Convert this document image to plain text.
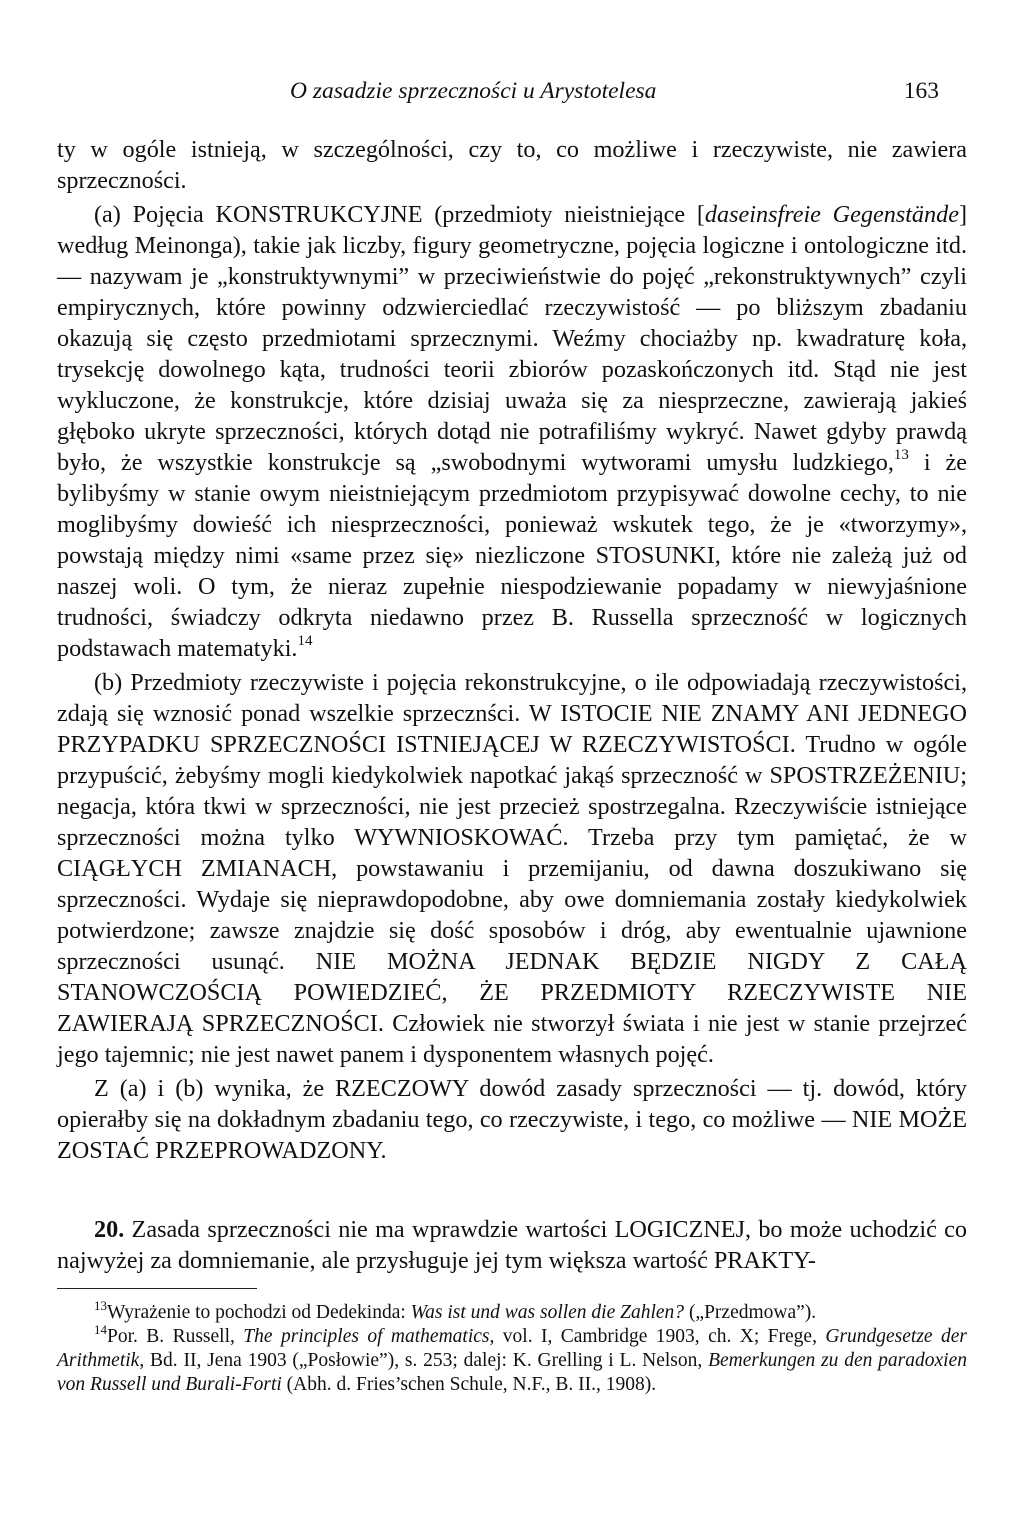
O zasadzie sprzeczności u Arystotelesa	163

ty w ogóle istnieją, w szczególności, czy to, co możliwe i rzeczywiste, nie zawiera sprzeczności.

(a) Pojęcia KONSTRUKCYJNE (przedmioty nieistniejące [daseinsfreie Gegenstände] według Meinonga), takie jak liczby, figury geometryczne, pojęcia logiczne i ontologiczne itd. — nazywam je „konstruktywnymi” w przeciwieństwie do pojęć „rekonstruktywnych” czyli empirycznych, które powinny odzwierciedlać rzeczywistość — po bliższym zbadaniu okazują się często przedmiotami sprzecznymi. Weźmy chociażby np. kwadraturę koła, trysekcję dowolnego kąta, trudności teorii zbiorów pozaskończonych itd. Stąd nie jest wykluczone, że konstrukcje, które dzisiaj uważa się za niesprzeczne, zawierają jakieś głęboko ukryte sprzeczności, których dotąd nie potrafiliśmy wykryć. Nawet gdyby prawdą było, że wszystkie konstrukcje są „swobodnymi wytworami umysłu ludzkiego,$^{13}$ i że bylibyśmy w stanie owym nieistniejącym przedmiotom przypisywać dowolne cechy, to nie moglibyśmy dowieść ich niesprzeczności, ponieważ wskutek tego, że je «tworzymy», powstają między nimi «same przez się» niezliczone STOSUNKI, które nie zależą już od naszej woli. O tym, że nieraz zupełnie niespodziewanie popadamy w niewyjaśnione trudności, świadczy odkryta niedawno przez B. Russella sprzeczność w logicznych podstawach matematyki.$^{14}$

(b) Przedmioty rzeczywiste i pojęcia rekonstrukcyjne, o ile odpowiadają rzeczywistości, zdają się wznosić ponad wszelkie sprzecznści. W ISTOCIE NIE ZNAMY ANI JEDNEGO PRZYPADKU SPRZECZNOŚCI ISTNIEJĄCEJ W RZECZYWISTOŚCI. Trudno w ogóle przypuścić, żebyśmy mogli kiedykolwiek napotkać jakąś sprzeczność w SPOSTRZEŻENIU; negacja, która tkwi w sprzeczności, nie jest przecież spostrzegalna. Rzeczywiście istniejące sprzeczności można tylko WYWNIOSKOWAĆ. Trzeba przy tym pamiętać, że w CIĄGŁYCH ZMIANACH, powstawaniu i przemijaniu, od dawna doszukiwano się sprzeczności. Wydaje się nieprawdopodobne, aby owe domniemania zostały kiedykolwiek potwierdzone; zawsze znajdzie się dość sposobów i dróg, aby ewentualnie ujawnione sprzeczności usunąć. NIE MOŻNA JEDNAK BĘDZIE NIGDY Z CAŁĄ STANOWCZOŚCIĄ POWIEDZIEĆ, ŻE PRZEDMIOTY RZECZYWISTE NIE ZAWIERAJĄ SPRZECZNOŚCI. Człowiek nie stworzył świata i nie jest w stanie przejrzeć jego tajemnic; nie jest nawet panem i dysponentem własnych pojęć.

Z (a) i (b) wynika, że RZECZOWY dowód zasady sprzeczności — tj. dowód, który opierałby się na dokładnym zbadaniu tego, co rzeczywiste, i tego, co możliwe — NIE MOŻE ZOSTAĆ PRZEPROWADZONY.

20. Zasada sprzeczności nie ma wprawdzie wartości LOGICZNEJ, bo może uchodzić co najwyżej za domniemanie, ale przysługuje jej tym większa wartość PRAKTY-

$^{13}$Wyrażenie to pochodzi od Dedekinda: Was ist und was sollen die Zahlen? („Przedmowa”).

$^{14}$Por. B. Russell, The principles of mathematics, vol. I, Cambridge 1903, ch. X; Frege, Grundgesetze der Arithmetik, Bd. II, Jena 1903 („Posłowie”), s. 253; dalej: K. Grelling i L. Nelson, Bemerkungen zu den paradoxien von Russell und Burali-Forti (Abh. d. Fries’schen Schule, N.F., B. II., 1908).
